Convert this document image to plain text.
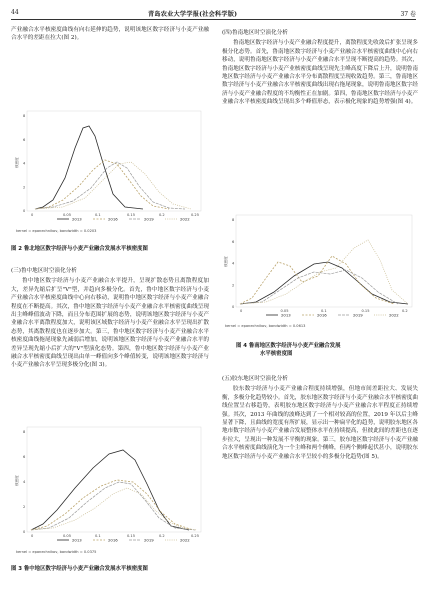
44	青岛农业大学学报(社会科学版)	37 卷

产业融合水平核密度曲线有向右延伸的趋势，说明该地区数字经济与小麦产业融合水平的差距在拉大(图 2)。

核密度
0	0.05	0.1	0.15	0.2	0.25
0
2
4
6
8
2013	2016	2019	2022
kernel = epanechnikov, bandwidth = 0.0203
图 2 鲁北地区数字经济与小麦产业融合发展水平核密度图

(三)鲁中地区时空演化分析

鲁中地区数字经济与小麦产业融合水平提升，呈现扩散态势且离散程度加大，差异先缩后扩呈"V"型，并趋向多极分化。首先，鲁中地区数字经济与小麦产业融合水平核密度曲线中心向右移动，说明鲁中地区数字经济与小麦产业融合程度在不断提高。其次，鲁中地区数字经济与小麦产业融合水平核密度曲线呈现出主峰峰值波动下降，而且分布范围扩展的态势，说明该地区数字经济与小麦产业融合水平离散程度加大，说明该区域数字经济与小麦产业融合水平呈现出扩散态势，其离散程度也在逐步加大。第三，鲁中地区数字经济与小麦产业融合水平核密度曲线拖尾现象先减弱后增加，说明该地区数字经济与小麦产业融合水平的差异呈现先缩小后扩大的"V"型演化态势。第四，鲁中地区数字经济与小麦产业融合水平核密度曲线呈现出由单一峰值向多个峰值转变，说明该地区数字经济与小麦产业融合水平呈现多极分化(图 3)。

核密度
0	0.05	0.1	0.15	0.2	0.25
0
2
4
6
8
2013	2016	2019	2022
kernel = epanechnikov, bandwidth = 0.0375
图 3 鲁中地区数字经济与小麦产业融合发展水平核密度图

(四)鲁南地区时空演化分析

鲁南地区数字经济与小麦产业融合程度提升，离散程度先收敛后扩张呈现多极分化态势。首先，鲁南地区数字经济与小麦产业融合水平核密度曲线中心向右移动，说明鲁南地区数字经济与小麦产业融合水平呈现不断提高的趋势。其次，鲁南地区数字经济与小麦产业核密度曲线呈现先主峰高度下降后上升，说明鲁南地区数字经济与小麦产业融合水平分布离散程度呈现收敛趋势。第三，鲁南地区数字经济与小麦产业融合水平核密度曲线出现右拖尾现象，说明鲁南地区数字经济与小麦产业融合程度的不均衡性正在加剧。第四，鲁南地区数字经济与小麦产业融合水平核密度曲线呈现出多个峰值形态，表示极化现象的趋势增强(图 4)。

核密度
0	0.05	0.1	0.15	0.2
0
2
4
6
8
2013	2016	2019	2022
kernel = epanechnikov, bandwidth = 0.0613
图 4 鲁南地区数字经济与小麦产业融合发展
水平核密度图

(五)胶东地区时空演化分析

胶东数字经济与小麦产业融合程度持续增强，但地市间差距拉大、发展失衡，多极分化趋势较小。首先，胶东地区数字经济与小麦产业融合水平核密度曲线位置呈右移趋势，表明胶东地区数字经济与小麦产业融合水平程度正持续增强。其次，2013 年曲线的波峰达到了一个相对较高的位置，2019 年以后主峰显著下降，且曲线的宽度有所扩展，显示出一种扁平化的趋势，说明胶东地区各地市数字经济与小麦产业融合发展整体水平在持续提高，但彼此间的差距也在逐步拉大，呈现出一种发展不平衡的现象。第三，胶东地区数字经济与小麦产业融合水平核密度曲线演化为一个主峰和两个侧峰，但两个侧峰起伏甚小，说明胶东地区数字经济与小麦产业融合水平呈较小的多极分化趋势(图 5)。
